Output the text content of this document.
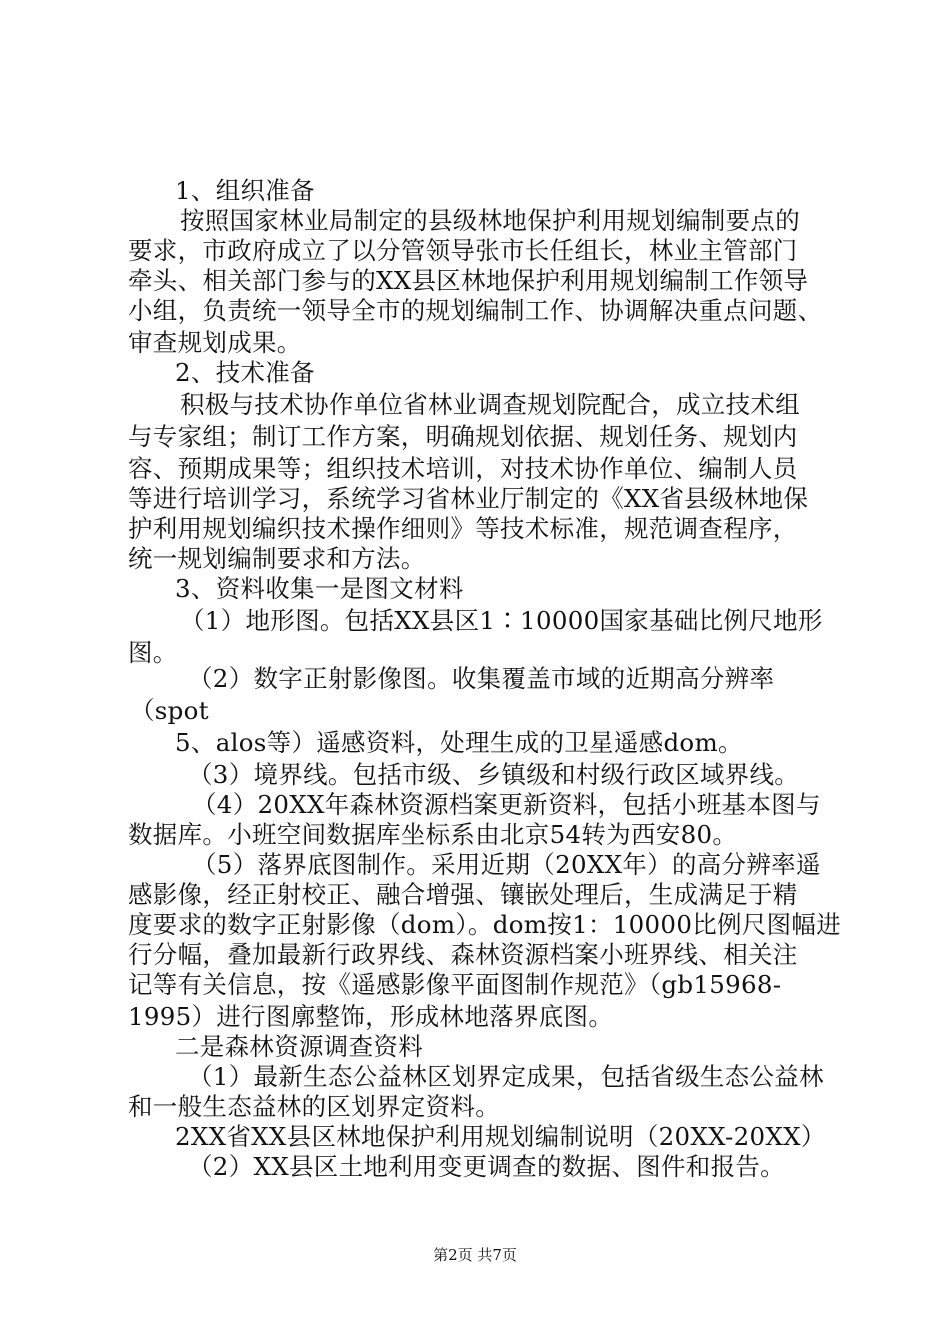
1、组织准备
按照国家林业局制定的县级林地保护利用规划编制要点的
要求，市政府成立了以分管领导张市长任组长，林业主管部门
牵头、相关部门参与的XX县区林地保护利用规划编制工作领导
小组，负责统一领导全市的规划编制工作、协调解决重点问题、
审查规划成果。
2、技术准备
积极与技术协作单位省林业调查规划院配合，成立技术组
与专家组；制订工作方案，明确规划依据、规划任务、规划内
容、预期成果等；组织技术培训，对技术协作单位、编制人员
等进行培训学习，系统学习省林业厅制定的《XX省县级林地保
护利用规划编织技术操作细则》等技术标准，规范调查程序，
统一规划编制要求和方法。
3、资料收集一是图文材料
（1）地形图。包括XX县区1∶10000国家基础比例尺地形
图。
（2）数字正射影像图。收集覆盖市域的近期高分辨率
（spot
5、alos等）遥感资料，处理生成的卫星遥感dom。
（3）境界线。包括市级、乡镇级和村级行政区域界线。
（4）20XX年森林资源档案更新资料，包括小班基本图与
数据库。小班空间数据库坐标系由北京54转为西安80。
（5）落界底图制作。采用近期（20XX年）的高分辨率遥
感影像，经正射校正、融合增强、镶嵌处理后，生成满足于精
度要求的数字正射影像（dom）。dom按1：10000比例尺图幅进
行分幅，叠加最新行政界线、森林资源档案小班界线、相关注
记等有关信息，按《遥感影像平面图制作规范》（gb15968-
1995）进行图廓整饰，形成林地落界底图。
二是森林资源调查资料
（1）最新生态公益林区划界定成果，包括省级生态公益林
和一般生态益林的区划界定资料。
2XX省XX县区林地保护利用规划编制说明（20XX-20XX）
（2）XX县区土地利用变更调查的数据、图件和报告。
第2页 共7页
